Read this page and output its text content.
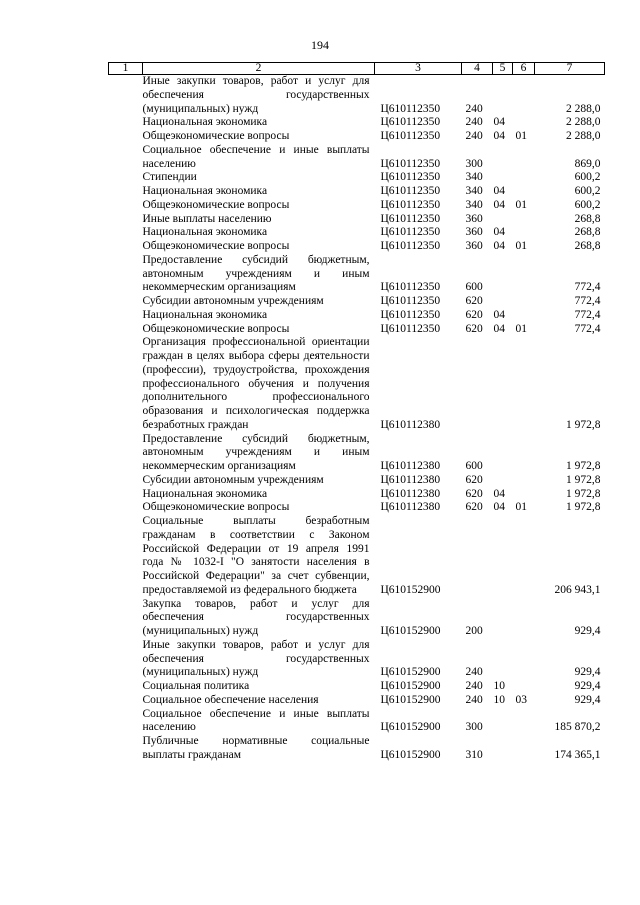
194
1	2	3	4	5	6	7
	Иные закупки товаров, работ и услуг для обеспечения государственных (муниципальных) нужд	Ц610112350	240			2 288,0
	Национальная экономика	Ц610112350	240	04		2 288,0
	Общеэкономические вопросы	Ц610112350	240	04	01	2 288,0
	Социальное обеспечение и иные выплаты населению	Ц610112350	300			869,0
	Стипендии	Ц610112350	340			600,2
	Национальная экономика	Ц610112350	340	04		600,2
	Общеэкономические вопросы	Ц610112350	340	04	01	600,2
	Иные выплаты населению	Ц610112350	360			268,8
	Национальная экономика	Ц610112350	360	04		268,8
	Общеэкономические вопросы	Ц610112350	360	04	01	268,8
	Предоставление субсидий бюджетным, автономным учреждениям и иным некоммерческим организациям	Ц610112350	600			772,4
	Субсидии автономным учреждениям	Ц610112350	620			772,4
	Национальная экономика	Ц610112350	620	04		772,4
	Общеэкономические вопросы	Ц610112350	620	04	01	772,4
	Организация профессиональной ориентации граждан в целях выбора сферы деятельности (профессии), трудоустройства, прохождения профессионального обучения и получения дополнительного профессионального образования и психологическая поддержка безработных граждан	Ц610112380				1 972,8
	Предоставление субсидий бюджетным, автономным учреждениям и иным некоммерческим организациям	Ц610112380	600			1 972,8
	Субсидии автономным учреждениям	Ц610112380	620			1 972,8
	Национальная экономика	Ц610112380	620	04		1 972,8
	Общеэкономические вопросы	Ц610112380	620	04	01	1 972,8
	Социальные выплаты безработным гражданам в соответствии с Законом Российской Федерации от 19 апреля 1991 года № 1032-I "О занятости населения в Российской Федерации" за счет субвенции, предоставляемой из федерального бюджета	Ц610152900				206 943,1
	Закупка товаров, работ и услуг для обеспечения государственных (муниципальных) нужд	Ц610152900	200			929,4
	Иные закупки товаров, работ и услуг для обеспечения государственных (муниципальных) нужд	Ц610152900	240			929,4
	Социальная политика	Ц610152900	240	10		929,4
	Социальное обеспечение населения	Ц610152900	240	10	03	929,4
	Социальное обеспечение и иные выплаты населению	Ц610152900	300			185 870,2
	Публичные нормативные социальные выплаты гражданам	Ц610152900	310			174 365,1
